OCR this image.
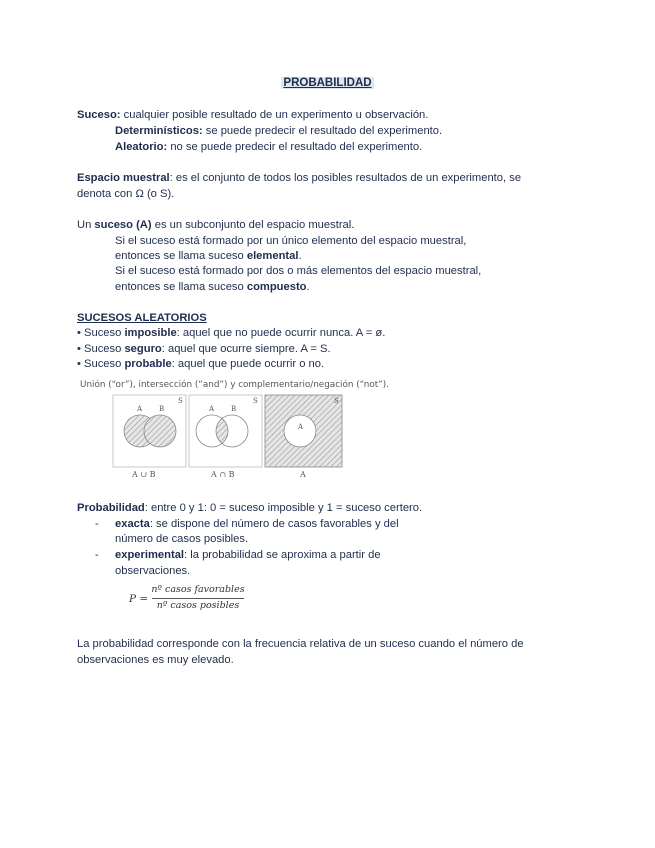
PROBABILIDAD
Suceso: cualquier posible resultado de un experimento u observación.
Determinísticos: se puede predecir el resultado del experimento.
Aleatorio: no se puede predecir el resultado del experimento.
Espacio muestral: es el conjunto de todos los posibles resultados de un experimento, se
denota con Ω (o S).
Un suceso (A) es un subconjunto del espacio muestral.
Si el suceso está formado por un único elemento del espacio muestral,
entonces se llama suceso elemental.
Si el suceso está formado por dos o más elementos del espacio muestral,
entonces se llama suceso compuesto.
SUCESOS ALEATORIOS
• Suceso imposible: aquel que no puede ocurrir nunca. A = ø.
• Suceso seguro: aquel que ocurre siempre. A = S.
• Suceso probable: aquel que puede ocurrir o no.
Unión (“or”), intersección (“and”) y complementario/negación (“not”).
A B
S
A ∪ B
A B
S
A ∩ B
A
S
A
Probabilidad: entre 0 y 1: 0 = suceso imposible y 1 = suceso certero.
- exacta: se dispone del número de casos favorables y del
número de casos posibles.
- experimental: la probabilidad se aproxima a partir de
observaciones.
P =
nº casos favorables
nº casos posibles
La probabilidad corresponde con la frecuencia relativa de un suceso cuando el número de
observaciones es muy elevado.
